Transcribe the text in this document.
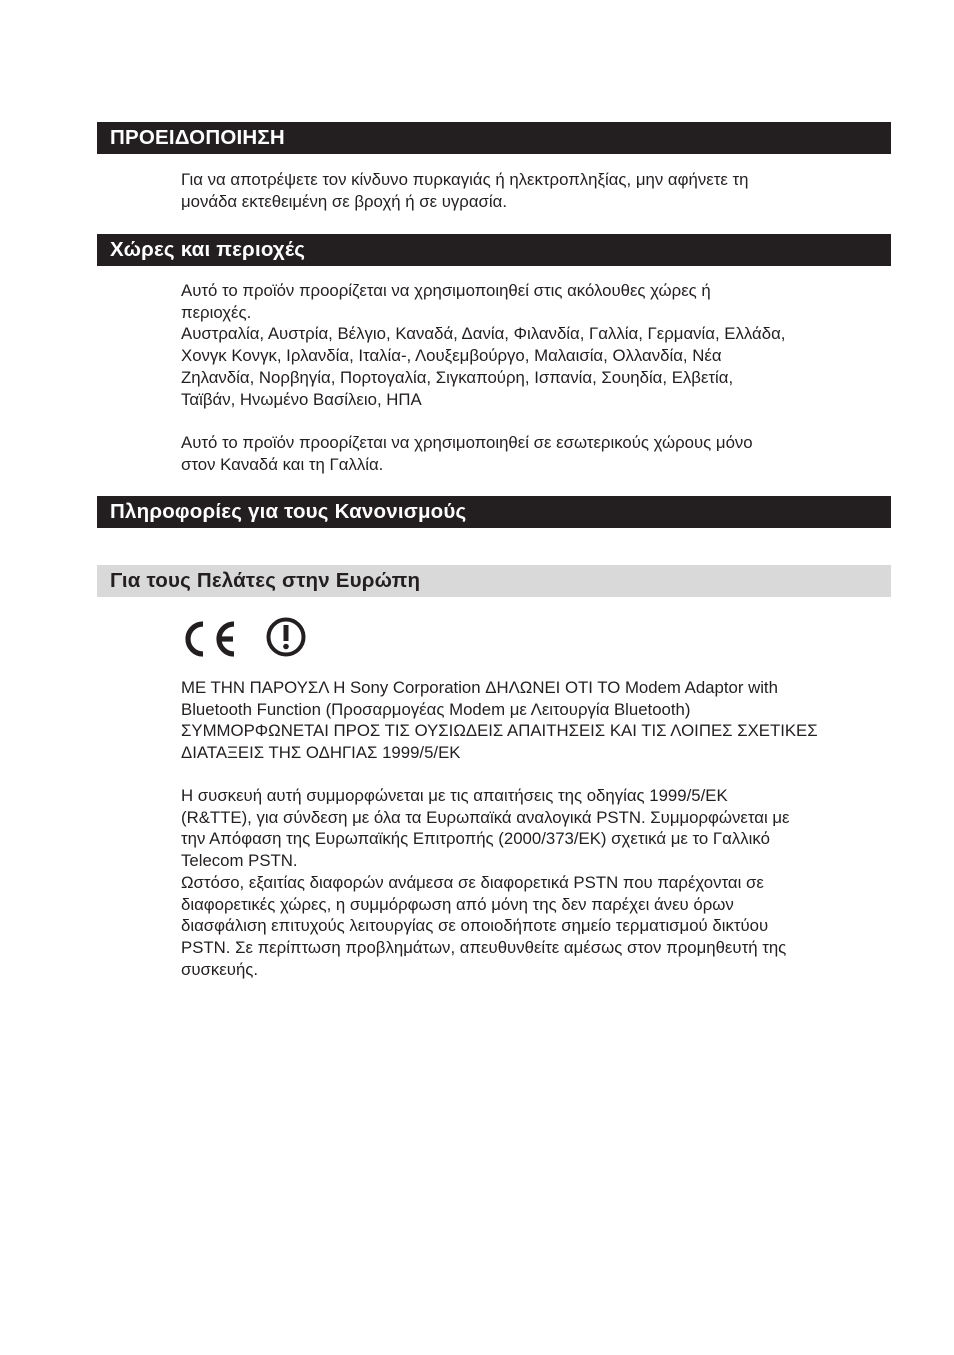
ΠΡΟΕΙΔΟΠΟΙΗΣΗ
Για να αποτρέψετε τον κίνδυνο πυρκαγιάς ή ηλεκτροπληξίας, μην αφήνετε τη
μονάδα εκτεθειμένη σε βροχή ή σε υγρασία.
Χώρες και περιοχές
Αυτό το προϊόν προορίζεται να χρησιμοποιηθεί στις ακόλουθες χώρες ή
περιοχές.
Αυστραλία, Αυστρία, Βέλγιο, Καναδά, Δανία, Φιλανδία, Γαλλία, Γερμανία, Ελλάδα,
Χονγκ Κονγκ, Ιρλανδία, Ιταλία-, Λουξεμβούργο, Μαλαισία, Ολλανδία, Νέα
Ζηλανδία, Νορβηγία, Πορτογαλία, Σιγκαπούρη, Ισπανία, Σουηδία, Ελβετία,
Ταϊβάν, Ηνωμένο Βασίλειο, ΗΠΑ
Αυτό το προϊόν προορίζεται να χρησιμοποιηθεί σε εσωτερικούς χώρους μόνο
στον Καναδά και τη Γαλλία.
Πληροφορίες για τους Κανονισμούς
Για τους Πελάτες στην Ευρώπη
ΜΕ ΤΗΝ ΠΑΡΟΥΣΛ Η Sony Corporation ΔΗΛΩΝΕΙ ΟΤΙ ΤΟ Modem Adaptor with
Bluetooth Function (Προσαρμογέας Modem με Λειτουργία Bluetooth)
ΣΥΜΜΟΡΦΩΝΕΤΑΙ ΠΡΟΣ ΤΙΣ ΟΥΣΙΩΔΕΙΣ ΑΠΑΙΤΗΣΕΙΣ ΚΑΙ ΤΙΣ ΛΟΙΠΕΣ ΣΧΕΤΙΚΕΣ
ΔΙΑΤΑΞΕΙΣ ΤΗΣ ΟΔΗΓΙΑΣ 1999/5/ΕΚ
Η συσκευή αυτή συμμορφώνεται με τις απαιτήσεις της οδηγίας 1999/5/ΕΚ
(R&TTE), για σύνδεση με όλα τα Ευρωπαϊκά αναλογικά PSTN. Συμμορφώνεται με
την Απόφαση της Ευρωπαϊκής Επιτροπής (2000/373/ΕΚ) σχετικά με το Γαλλικό
Telecom PSTN.
Ωστόσο, εξαιτίας διαφορών ανάμεσα σε διαφορετικά PSTN που παρέχονται σε
διαφορετικές χώρες, η συμμόρφωση από μόνη της δεν παρέχει άνευ όρων
διασφάλιση επιτυχούς λειτουργίας σε οποιοδήποτε σημείο τερματισμού δικτύου
PSTN. Σε περίπτωση προβλημάτων, απευθυνθείτε αμέσως στον προμηθευτή της
συσκευής.
